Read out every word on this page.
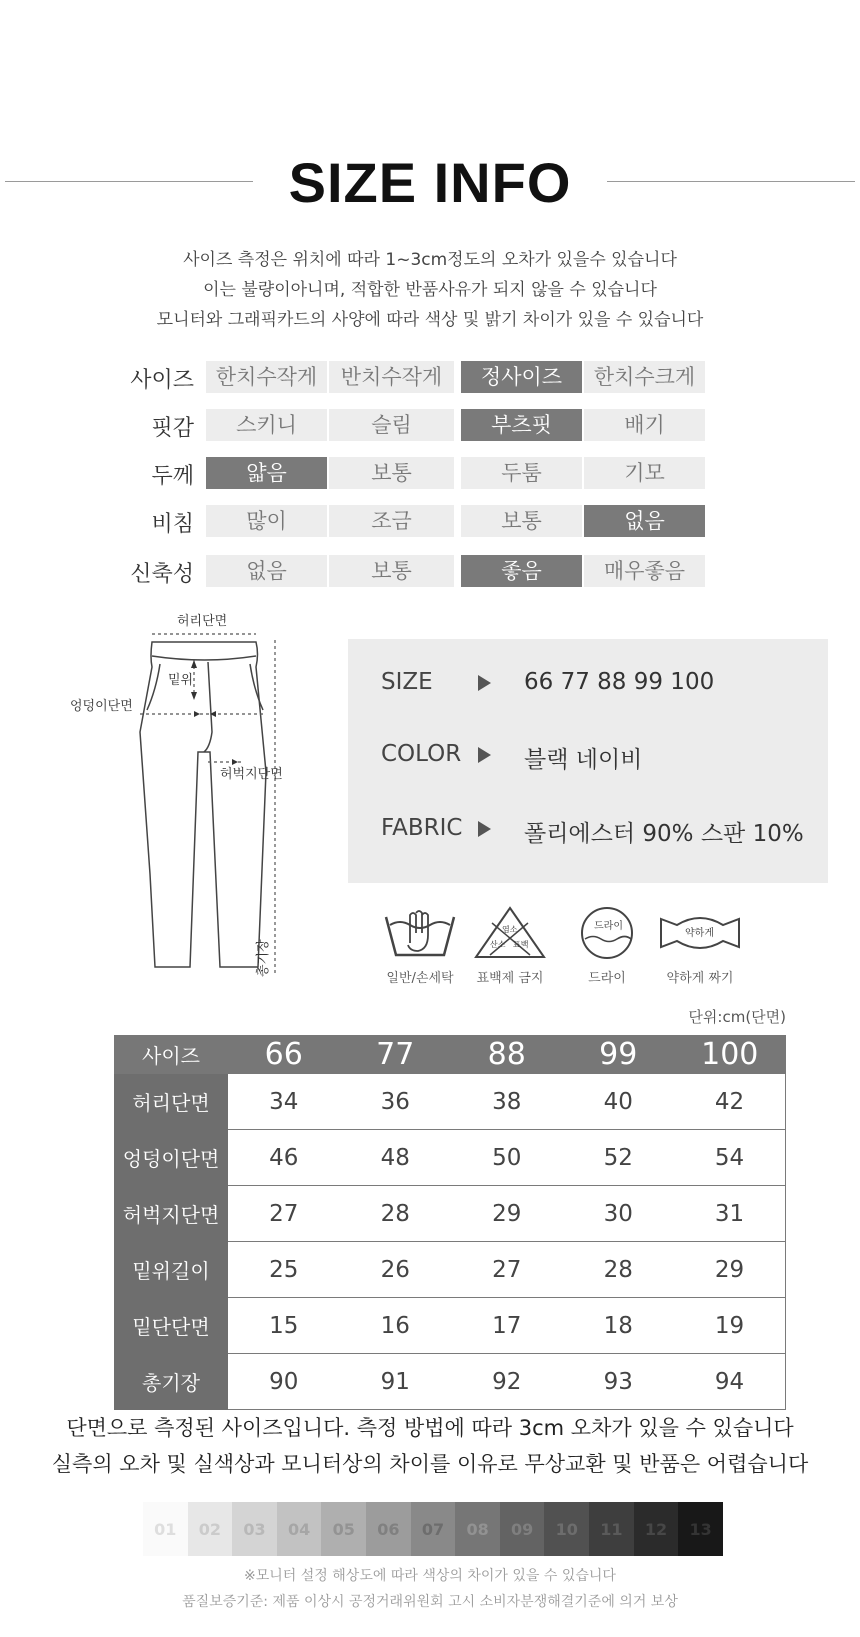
SIZE INFO
사이즈 측정은 위치에 따라 1~3cm정도의 오차가 있을수 있습니다
이는 불량이아니며, 적합한 반품사유가 되지 않을 수 있습니다
모니터와 그래픽카드의 사양에 따라 색상 및 밝기 차이가 있을 수 있습니다
사이즈	한치수작게	반치수작게	정사이즈	한치수크게
핏감	스키니	슬림	부츠핏	배기
두께	얇음	보통	두툼	기모
비침	많이	조금	보통	없음
신축성	없음	보통	좋음	매우좋음
허리단면
밑위
엉덩이단면
허벅지단면
총기장
SIZE	66 77 88 99 100
COLOR	블랙 네이비
FABRIC	폴리에스터 90% 스판 10%
일반/손세탁
염소
산소 표백
표백제 금지
드라이
드라이
약하게
약하게 짜기
단위:cm(단면)
사이즈	66	77	88	99	100
허리단면	34	36	38	40	42
엉덩이단면	46	48	50	52	54
허벅지단면	27	28	29	30	31
밑위길이	25	26	27	28	29
밑단단면	15	16	17	18	19
총기장	90	91	92	93	94
단면으로 측정된 사이즈입니다. 측정 방법에 따라 3cm 오차가 있을 수 있습니다
실측의 오차 및 실색상과 모니터상의 차이를 이유로 무상교환 및 반품은 어렵습니다
01	02	03	04	05	06	07	08	09	10	11	12	13
※모니터 설정 해상도에 따라 색상의 차이가 있을 수 있습니다
품질보증기준: 제품 이상시 공정거래위원회 고시 소비자분쟁해결기준에 의거 보상
